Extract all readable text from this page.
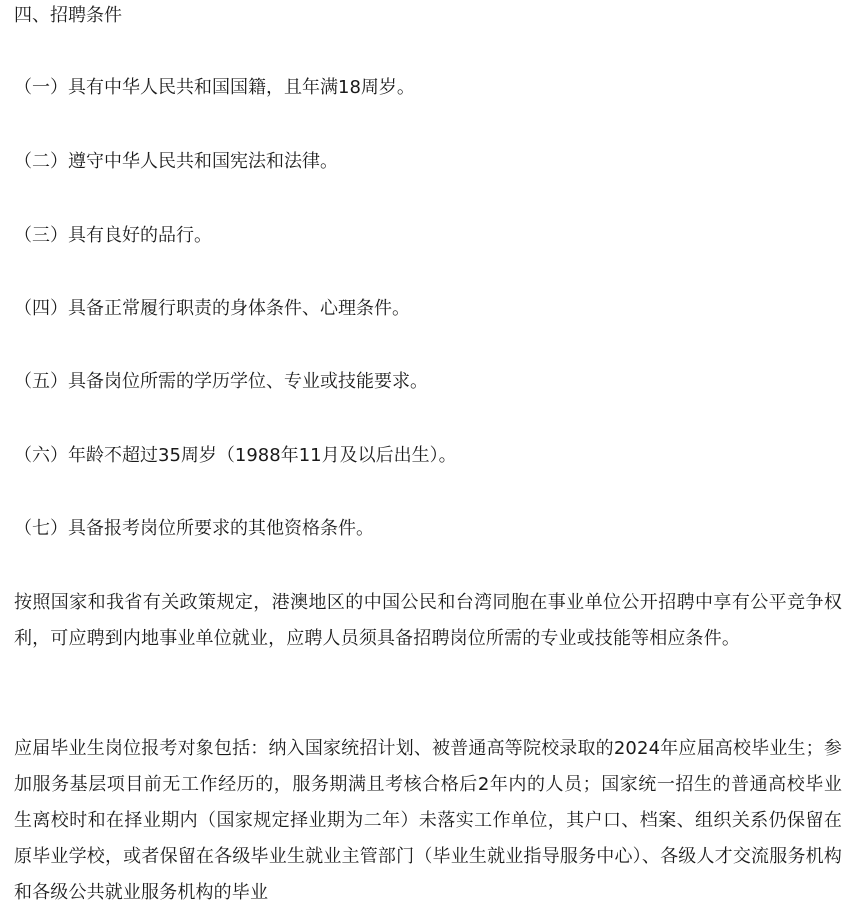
四、招聘条件

（一）具有中华人民共和国国籍，且年满18周岁。

（二）遵守中华人民共和国宪法和法律。

（三）具有良好的品行。

（四）具备正常履行职责的身体条件、心理条件。

（五）具备岗位所需的学历学位、专业或技能要求。

（六）年龄不超过35周岁（1988年11月及以后出生）。

（七）具备报考岗位所要求的其他资格条件。

按照国家和我省有关政策规定，港澳地区的中国公民和台湾同胞在事业单位公开招聘中享有公平竞争权利，可应聘到内地事业单位就业，应聘人员须具备招聘岗位所需的专业或技能等相应条件。

应届毕业生岗位报考对象包括：纳入国家统招计划、被普通高等院校录取的2024年应届高校毕业生；参加服务基层项目前无工作经历的，服务期满且考核合格后2年内的人员；国家统一招生的普通高校毕业生离校时和在择业期内（国家规定择业期为二年）未落实工作单位，其户口、档案、组织关系仍保留在原毕业学校，或者保留在各级毕业生就业主管部门（毕业生就业指导服务中心）、各级人才交流服务机构和各级公共就业服务机构的毕业
